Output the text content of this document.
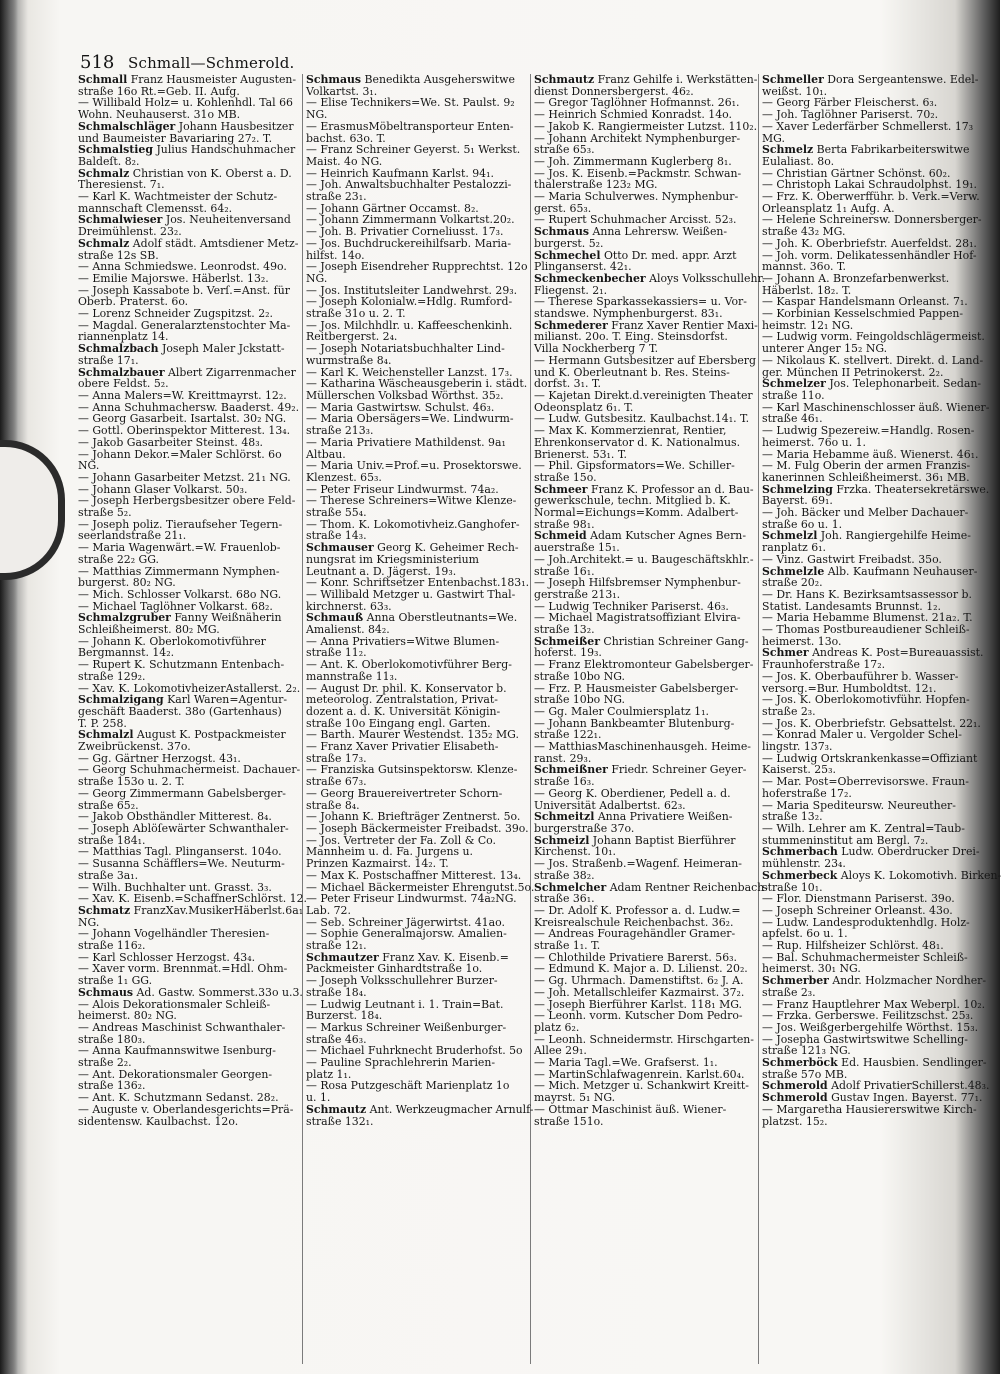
518 Schmall—Schmerold.
Schmall Franz Hausmeister Augusten-
straße 16o Rt.=Geb. II. Aufg.
— Willibald Holz= u. Kohlenhdl. Tal 66
Wohn. Neuhauserst. 31o MB.
Schmalschläger Johann Hausbesitzer
und Baumeister Bavariaring 27₂. T.
Schmalstieg Julius Handschuhmacher
Baldeſt. 8₂.
Schmalz Christian von K. Oberst a. D.
Theresienst. 7₁.
— Karl K. Wachtmeister der Schutz-
mannschaft Clemensst. 64₂.
Schmalwieser Jos. Neuheitenversand
Dreimühlenst. 23₂.
Schmalz Adolf städt. Amtsdiener Metz-
straße 12s SB.
— Anna Schmiedswe. Leonrodst. 49o.
— Emilie Majorswe. Häberlst. 13₂.
— Joseph Kassabote b. Verſ.=Anst. für
Oberb. Praterst. 6o.
— Lorenz Schneider Zugspitzst. 2₂.
— Magdal. Generalarztenstochter Ma-
riannenplatz 14.
Schmalzbach Joseph Maler Jckstatt-
straße 17₁.
Schmalzbauer Albert Zigarrenmacher
obere Feldst. 5₂.
— Anna Malers=W. Kreittmayrst. 12₂.
— Anna Schuhmachersw. Baaderst. 49₂.
— Georg Gasarbeit. Isartalst. 30₂ NG.
— Gottl. Oberinspektor Mitterest. 13₄.
— Jakob Gasarbeiter Steinst. 48₃.
— Johann Dekor.=Maler Schlörst. 6o
NG.
— Johann Gasarbeiter Metzst. 21₁ NG.
— Johann Glaser Volkarst. 50₃.
— Joseph Herbergsbesitzer obere Feld-
straße 5₂.
— Joseph poliz. Tieraufseher Tegern-
seerlandstraße 21₁.
— Maria Wagenwärt.=W. Frauenlob-
straße 22₂ GG.
— Matthias Zimmermann Nymphen-
burgerst. 80₂ NG.
— Mich. Schlosser Volkarst. 68o NG.
— Michael Taglöhner Volkarst. 68₂.
Schmalzgruber Fanny Weißnäherin
Schleißheimerst. 80₂ MG.
— Johann K. Oberlokomotivführer
Bergmannst. 14₂.
— Rupert K. Schutzmann Entenbach-
straße 129₂.
— Xav. K. LokomotivheizerAstallerst. 2₂.
Schmalzigang Karl Waren=Agentur-
geschäft Baaderst. 38o (Gartenhaus)
T. P. 258.
Schmalzl August K. Postpackmeister
Zweibrückenst. 37o.
— Gg. Gärtner Herzogst. 43₁.
— Georg Schuhmachermeist. Dachauer-
straße 153o u. 2. T.
— Georg Zimmermann Gabelsberger-
straße 65₂.
— Jakob Obsthändler Mitterest. 8₄.
— Joseph Ablöſewärter Schwanthaler-
straße 184₁.
— Matthias Tagl. Plinganserst. 104o.
— Susanna Schäfflers=We. Neuturm-
straße 3a₁.
— Wilh. Buchhalter unt. Grasst. 3₃.
— Xav. K. Eisenb.=SchaffnerSchlörst. 12.
Schmatz FranzXav.MusikerHäberlst.6a₁
NG.
— Johann Vogelhändler Theresien-
straße 116₂.
— Karl Schlosser Herzogst. 43₄.
— Xaver vorm. Brennmat.=Hdl. Ohm-
straße 1₁ GG.
Schmaus Ad. Gastw. Sommerst.33o u.3.
— Alois Dekorationsmaler Schleiß-
heimerst. 80₂ NG.
— Andreas Maschinist Schwanthaler-
straße 180₃.
— Anna Kaufmannswitwe Isenburg-
straße 2₂.
— Ant. Dekorationsmaler Georgen-
straße 136₂.
— Ant. K. Schutzmann Sedanst. 28₂.
— Auguste v. Oberlandesgerichts=Prä-
sidentensw. Kaulbachst. 12o.
Schmaus Benedikta Ausgeherswitwe
Volkartst. 3₁.
— Elise Technikers=We. St. Paulst. 9₂
NG.
— ErasmusMöbeltransporteur Enten-
bachst. 63o. T.
— Franz Schreiner Geyerst. 5₁ Werkst.
Maist. 4o NG.
— Heinrich Kaufmann Karlst. 94₁.
— Joh. Anwaltsbuchhalter Pestalozzi-
straße 23₁.
— Johann Gärtner Occamst. 8₂.
— Johann Zimmermann Volkartst.20₂.
— Joh. B. Privatier Corneliusst. 17₃.
— Jos. Buchdruckereihilfsarb. Maria-
hilfst. 14o.
— Joseph Eisendreher Rupprechtst. 12o
NG.
— Jos. Institutsleiter Landwehrst. 29₃.
— Joseph Kolonialw.=Hdlg. Rumford-
straße 31o u. 2. T.
— Jos. Milchhdlr. u. Kaffeeschenkinh.
Reitbergerst. 2₄.
— Joseph Notariatsbuchhalter Lind-
wurmstraße 8₄.
— Karl K. Weichensteller Lanzst. 17₃.
— Katharina Wäscheausgeberin i. städt.
Müllerschen Volksbad Wörthst. 35₂.
— Maria Gastwirtsw. Schulst. 46₃.
— Maria Obersägers=We. Lindwurm-
straße 213₃.
— Maria Privatiere Mathildenst. 9a₁
Altbau.
— Maria Univ.=Prof.=u. Prosektorswe.
Klenzest. 65₃.
— Peter Friseur Lindwurmst. 74a₂.
— Therese Schreiners=Witwe Klenze-
straße 55₄.
— Thom. K. Lokomotivheiz.Ganghofer-
straße 14₃.
Schmauser Georg K. Geheimer Rech-
nungsrat im Kriegsministerium
Leutnant a. D. Jägerst. 19₃.
— Konr. Schriftsetzer Entenbachst.183₁.
— Willibald Metzger u. Gastwirt Thal-
kirchnerst. 63₃.
Schmauß Anna Oberstleutnants=We.
Amalienst. 84₂.
— Anna Privatiers=Witwe Blumen-
straße 11₂.
— Ant. K. Oberlokomotivführer Berg-
mannstraße 11₃.
— August Dr. phil. K. Konservator b.
meteorolog. Zentralstation, Privat-
dozent a. d. K. Universität Königin-
straße 10o Eingang engl. Garten.
— Barth. Maurer Westendst. 135₂ MG.
— Franz Xaver Privatier Elisabeth-
straße 17₃.
— Franziska Gutsinspektorsw. Klenze-
straße 67₃.
— Georg Brauereivertreter Schorn-
straße 8₄.
— Johann K. Briefträger Zentnerst. 5o.
— Joseph Bäckermeister Freibadst. 39o.
— Jos. Vertreter der Fa. Zoll & Co.
Mannheim u. d. Fa. Jurgens u.
Prinzen Kazmairst. 14₂. T.
— Max K. Postschaffner Mitterest. 13₄.
— Michael Bäckermeister Ehrengutst.5o.
— Peter Friseur Lindwurmst. 74a₂NG.
Lab. 72.
— Seb. Schreiner Jägerwirtst. 41ao.
— Sophie Generalmajorsw. Amalien-
straße 12₁.
Schmautzer Franz Xav. K. Eisenb.=
Packmeister Ginhardtstraße 1o.
— Joseph Volksschullehrer Burzer-
straße 18₄.
— Ludwig Leutnant i. 1. Train=Bat.
Burzerst. 18₄.
— Markus Schreiner Weißenburger-
straße 46₃.
— Michael Fuhrknecht Bruderhofst. 5o
— Pauline Sprachlehrerin Marien-
platz 1₁.
— Rosa Putzgeschäft Marienplatz 1o
u. 1.
Schmautz Ant. Werkzeugmacher Arnulf-
straße 132₁.
Schmautz Franz Gehilfe i. Werkstätten-
dienst Donnersbergerst. 46₂.
— Gregor Taglöhner Hofmannst. 26₁.
— Heinrich Schmied Konradst. 14o.
— Jakob K. Rangiermeister Lutzst. 110₂.
— Johann Architekt Nymphenburger-
straße 65₃.
— Joh. Zimmermann Kuglerberg 8₁.
— Jos. K. Eisenb.=Packmstr. Schwan-
thalerstraße 123₂ MG.
— Maria Schulverwes. Nymphenbur-
gerst. 65₃.
— Rupert Schuhmacher Arcisst. 52₃.
Schmaus Anna Lehrersw. Weißen-
burgerst. 5₂.
Schmechel Otto Dr. med. appr. Arzt
Plinganserst. 42₁.
Schmeckenbecher Aloys Volksschullehr.
Fliegenst. 2₁.
— Therese Sparkassekassiers= u. Vor-
standswe. Nymphenburgerst. 83₁.
Schmederer Franz Xaver Rentier Maxi-
milianst. 20o. T. Eing. Steinsdorfst.
Villa Nockherberg 7 T.
— Hermann Gutsbesitzer auf Ebersberg
und K. Oberleutnant b. Res. Steins-
dorfst. 3₁. T.
— Kajetan Direkt.d.vereinigten Theater
Odeonsplatz 6₁. T.
— Ludw. Gutsbesitz. Kaulbachst.14₁. T.
— Max K. Kommerzienrat, Rentier,
Ehrenkonservator d. K. Nationalmus.
Brienerst. 53₁. T.
— Phil. Gipsformators=We. Schiller-
straße 15o.
Schmeer Franz K. Professor an d. Bau-
gewerkschule, techn. Mitglied b. K.
Normal=Eichungs=Komm. Adalbert-
straße 98₁.
Schmeid Adam Kutscher Agnes Bern-
auerstraße 15₁.
— Joh.Architekt.= u. Baugeschäftskhlr.-
straße 16₁.
— Joseph Hilfsbremser Nymphenbur-
gerstraße 213₁.
— Ludwig Techniker Pariserst. 46₃.
— Michael Magistratsoffiziant Elvira-
straße 13₂.
Schmeißer Christian Schreiner Gang-
hoferst. 19₃.
— Franz Elektromonteur Gabelsberger-
straße 10bo NG.
— Frz. P. Hausmeister Gabelsberger-
straße 10bo NG.
— Gg. Maler Coulmiersplatz 1₁.
— Johann Bankbeamter Blutenburg-
straße 122₁.
— MatthiasMaschinenhausgeh. Heime-
ranst. 29₃.
Schmeißner Friedr. Schreiner Geyer-
straße 16₃.
— Georg K. Oberdiener, Pedell a. d.
Universität Adalbertst. 62₃.
Schmeitzl Anna Privatiere Weißen-
burgerstraße 37o.
Schmeizl Johann Baptist Bierführer
Kirchenst. 10₁.
— Jos. Straßenb.=Wagenf. Heimeran-
straße 38₂.
Schmelcher Adam Rentner Reichenbach-
straße 36₁.
— Dr. Adolf K. Professor a. d. Ludw.=
Kreisrealschule Reichenbachst. 36₂.
— Andreas Fouragehändler Gramer-
straße 1₁. T.
— Chlothilde Privatiere Barerst. 56₃.
— Edmund K. Major a. D. Lilienst. 20₂.
— Gg. Uhrmach. Damenstiftst. 6₂ J. A.
— Joh. Metallschleifer Kazmairst. 37₂.
— Joseph Bierführer Karlst. 118₁ MG.
— Leonh. vorm. Kutscher Dom Pedro-
platz 6₂.
— Leonh. Schneidermstr. Hirschgarten-
Allee 29₁.
— Maria Tagl.=We. Grafserst. 1₁.
— MartinSchlafwagenrein. Karlst.60₄.
— Mich. Metzger u. Schankwirt Kreitt-
mayrst. 5₁ NG.
— Ottmar Maschinist äuß. Wiener-
straße 151o.
Schmeller Dora Sergeantenswe. Edel-
weißst. 10₁.
— Georg Färber Fleischerst. 6₃.
— Joh. Taglöhner Pariserst. 70₂.
— Xaver Lederfärber Schmellerst. 17₃
MG.
Schmelz Berta Fabrikarbeiterswitwe
Eulaliast. 8o.
— Christian Gärtner Schönst. 60₂.
— Christoph Lakai Schraudolphst. 19₁.
— Frz. K. Oberwerfführ. b. Verk.=Verw.
Orleansplatz 1₁ Aufg. A.
— Helene Schreinersw. Donnersberger-
straße 43₂ MG.
— Joh. K. Oberbriefstr. Auerfeldst. 28₁.
— Joh. vorm. Delikatessenhändler Hof-
mannst. 36o. T.
— Johann A. Bronzefarbenwerkst.
Häberlst. 18₂. T.
— Kaspar Handelsmann Orleanst. 7₁.
— Korbinian Kesselschmied Pappen-
heimstr. 12₁ NG.
— Ludwig vorm. Feingoldschlägermeist.
unterer Anger 15₂ NG.
— Nikolaus K. stellvert. Direkt. d. Land-
ger. München II Petrinokerst. 2₂.
Schmelzer Jos. Telephonarbeit. Sedan-
straße 11o.
— Karl Maschinenschlosser äuß. Wiener-
straße 46₁.
— Ludwig Spezereiw.=Handlg. Rosen-
heimerst. 76o u. 1.
— Maria Hebamme äuß. Wienerst. 46₁.
— M. Fulg Oberin der armen Franzis-
kanerinnen Schleißheimerst. 36₁ MB.
Schmelzing Frzka. Theatersekretärswe.
Bayerst. 69₁.
— Joh. Bäcker und Melber Dachauer-
straße 6o u. 1.
Schmelzl Joh. Rangiergehilfe Heime-
ranplatz 6₁.
— Vinz. Gastwirt Freibadst. 35o.
Schmelzle Alb. Kaufmann Neuhauser-
straße 20₂.
— Dr. Hans K. Bezirksamtsassessor b.
Statist. Landesamts Brunnst. 1₂.
— Maria Hebamme Blumenst. 21a₂. T.
— Thomas Postbureaudiener Schleiß-
heimerst. 13o.
Schmer Andreas K. Post=Bureauassist.
Fraunhoferstraße 17₂.
— Jos. K. Oberbauführer b. Wasser-
versorg.=Bur. Humboldtst. 12₁.
— Jos. K. Oberlokomotivführ. Hopfen-
straße 2₃.
— Jos. K. Oberbriefstr. Gebsattelst. 22₁.
— Konrad Maler u. Vergolder Schel-
lingstr. 137₃.
— Ludwig Ortskrankenkasse=Offiziant
Kaiserst. 25₃.
— Mar. Post=Oberrevisorswe. Fraun-
hoferstraße 17₂.
— Maria Spediteursw. Neureuther-
straße 13₂.
— Wilh. Lehrer am K. Zentral=Taub-
stummeninstitut am Bergl. 7₂.
Schmerbach Ludw. Oberdrucker Drei-
mühlenstr. 23₄.
Schmerbeck Aloys K. Lokomotivh. Birken-
straße 10₁.
— Flor. Dienstmann Pariserst. 39o.
— Joseph Schreiner Orleanst. 43o.
— Ludw. Landesproduktenhdlg. Holz-
apfelst. 6o u. 1.
— Rup. Hilfsheizer Schlörst. 48₁.
— Bal. Schuhmachermeister Schleiß-
heimerst. 30₁ NG.
Schmerber Andr. Holzmacher Nordher-
straße 2₃.
— Franz Hauptlehrer Max Weberpl. 10₂.
— Frzka. Gerberswe. Feilitzschst. 25₃.
— Jos. Weißgerbergehilfe Wörthst. 15₃.
— Josepha Gastwirtswitwe Schelling-
straße 121₃ NG.
Schmerböck Ed. Hausbien. Sendlinger-
straße 57o MB.
Schmerold Adolf PrivatierSchillerst.48₃.
Schmerold Gustav Ingen. Bayerst. 77₁.
— Margaretha Hausiererswitwe Kirch-
platzst. 15₂.
